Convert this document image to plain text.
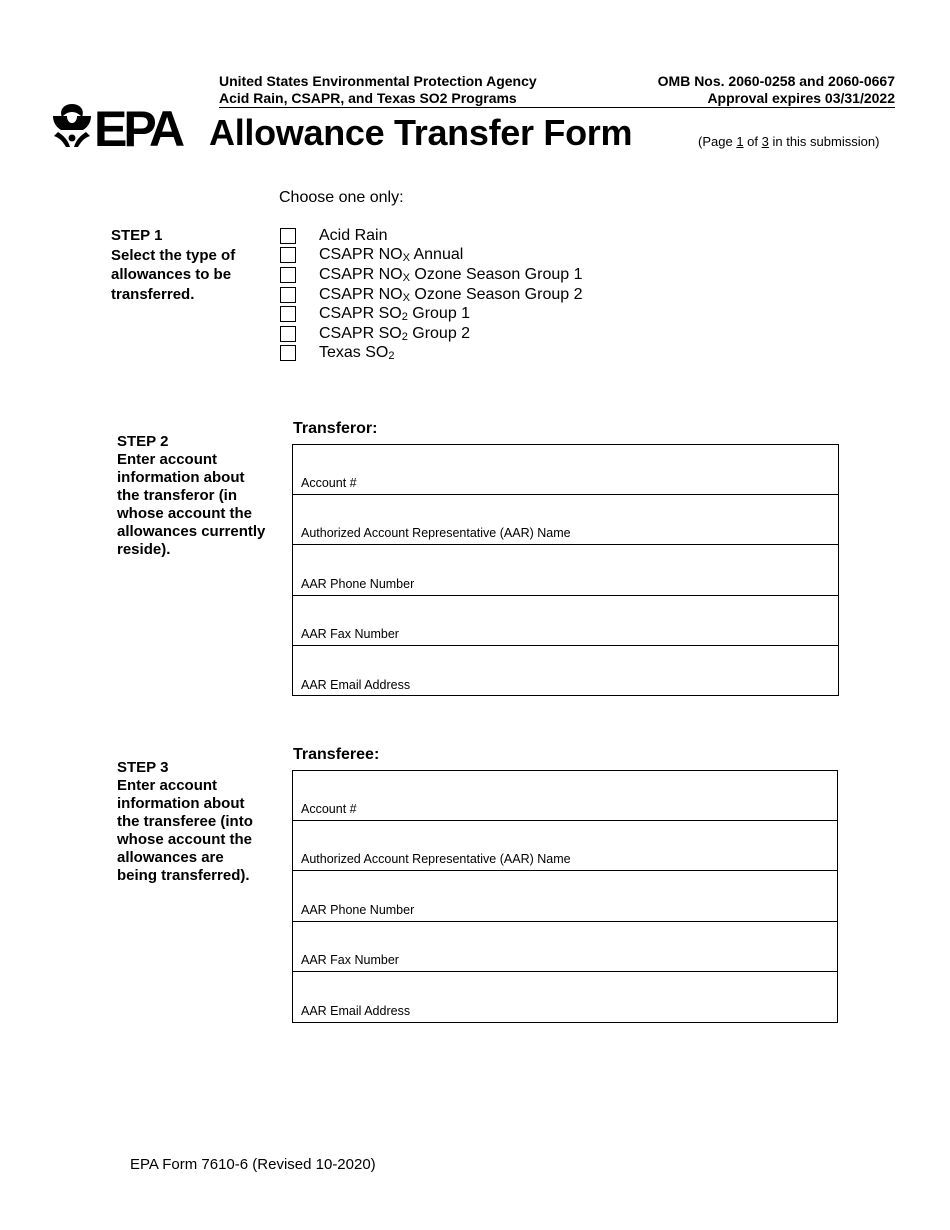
United States Environmental Protection Agency
Acid Rain, CSAPR, and Texas SO2 Programs
OMB Nos. 2060-0258 and 2060-0667
Approval expires 03/31/2022
EPA Allowance Transfer Form	(Page 1 of 3 in this submission)
Choose one only:
STEP 1
Select the type of allowances to be transferred.
Acid Rain
CSAPR $NO_X$ Annual
CSAPR $NO_X$ Ozone Season Group 1
CSAPR $NO_X$ Ozone Season Group 2
CSAPR $SO_2$ Group 1
CSAPR $SO_2$ Group 2
Texas $SO_2$
STEP 2
Enter account information about the transferor (in whose account the allowances currently reside).
Transferor:
Account #
Authorized Account Representative (AAR) Name
AAR Phone Number
AAR Fax Number
AAR Email Address
STEP 3
Enter account information about the transferee (into whose account the allowances are being transferred).
Transferee:
Account #
Authorized Account Representative (AAR) Name
AAR Phone Number
AAR Fax Number
AAR Email Address
EPA Form 7610-6 (Revised 10-2020)
